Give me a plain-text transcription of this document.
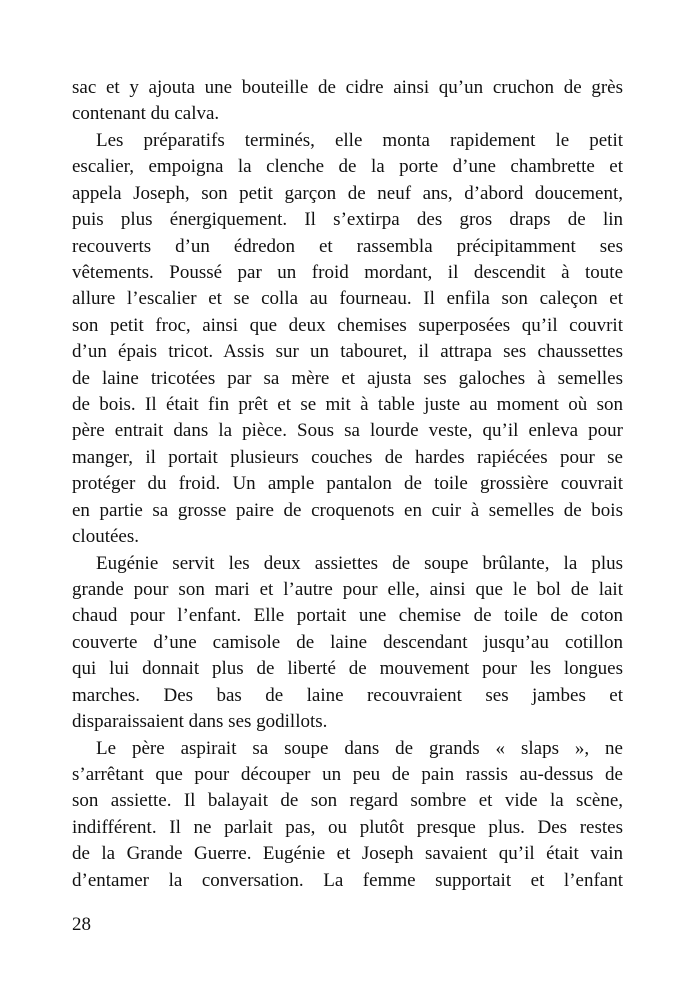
sac et y ajouta une bouteille de cidre ainsi qu’un cruchon de grès
contenant du calva.
Les préparatifs terminés, elle monta rapidement le petit
escalier, empoigna la clenche de la porte d’une chambrette et
appela Joseph, son petit garçon de neuf ans, d’abord doucement,
puis plus énergiquement. Il s’extirpa des gros draps de lin
recouverts d’un édredon et rassembla précipitamment ses
vêtements. Poussé par un froid mordant, il descendit à toute
allure l’escalier et se colla au fourneau. Il enfila son caleçon et
son petit froc, ainsi que deux chemises superposées qu’il couvrit
d’un épais tricot. Assis sur un tabouret, il attrapa ses chaussettes
de laine tricotées par sa mère et ajusta ses galoches à semelles
de bois. Il était fin prêt et se mit à table juste au moment où son
père entrait dans la pièce. Sous sa lourde veste, qu’il enleva pour
manger, il portait plusieurs couches de hardes rapiécées pour se
protéger du froid. Un ample pantalon de toile grossière couvrait
en partie sa grosse paire de croquenots en cuir à semelles de bois
cloutées.
Eugénie servit les deux assiettes de soupe brûlante, la plus
grande pour son mari et l’autre pour elle, ainsi que le bol de lait
chaud pour l’enfant. Elle portait une chemise de toile de coton
couverte d’une camisole de laine descendant jusqu’au cotillon
qui lui donnait plus de liberté de mouvement pour les longues
marches. Des bas de laine recouvraient ses jambes et
disparaissaient dans ses godillots.
Le père aspirait sa soupe dans de grands « slaps », ne
s’arrêtant que pour découper un peu de pain rassis au-dessus de
son assiette. Il balayait de son regard sombre et vide la scène,
indifférent. Il ne parlait pas, ou plutôt presque plus. Des restes
de la Grande Guerre. Eugénie et Joseph savaient qu’il était vain
d’entamer la conversation. La femme supportait et l’enfant
28
